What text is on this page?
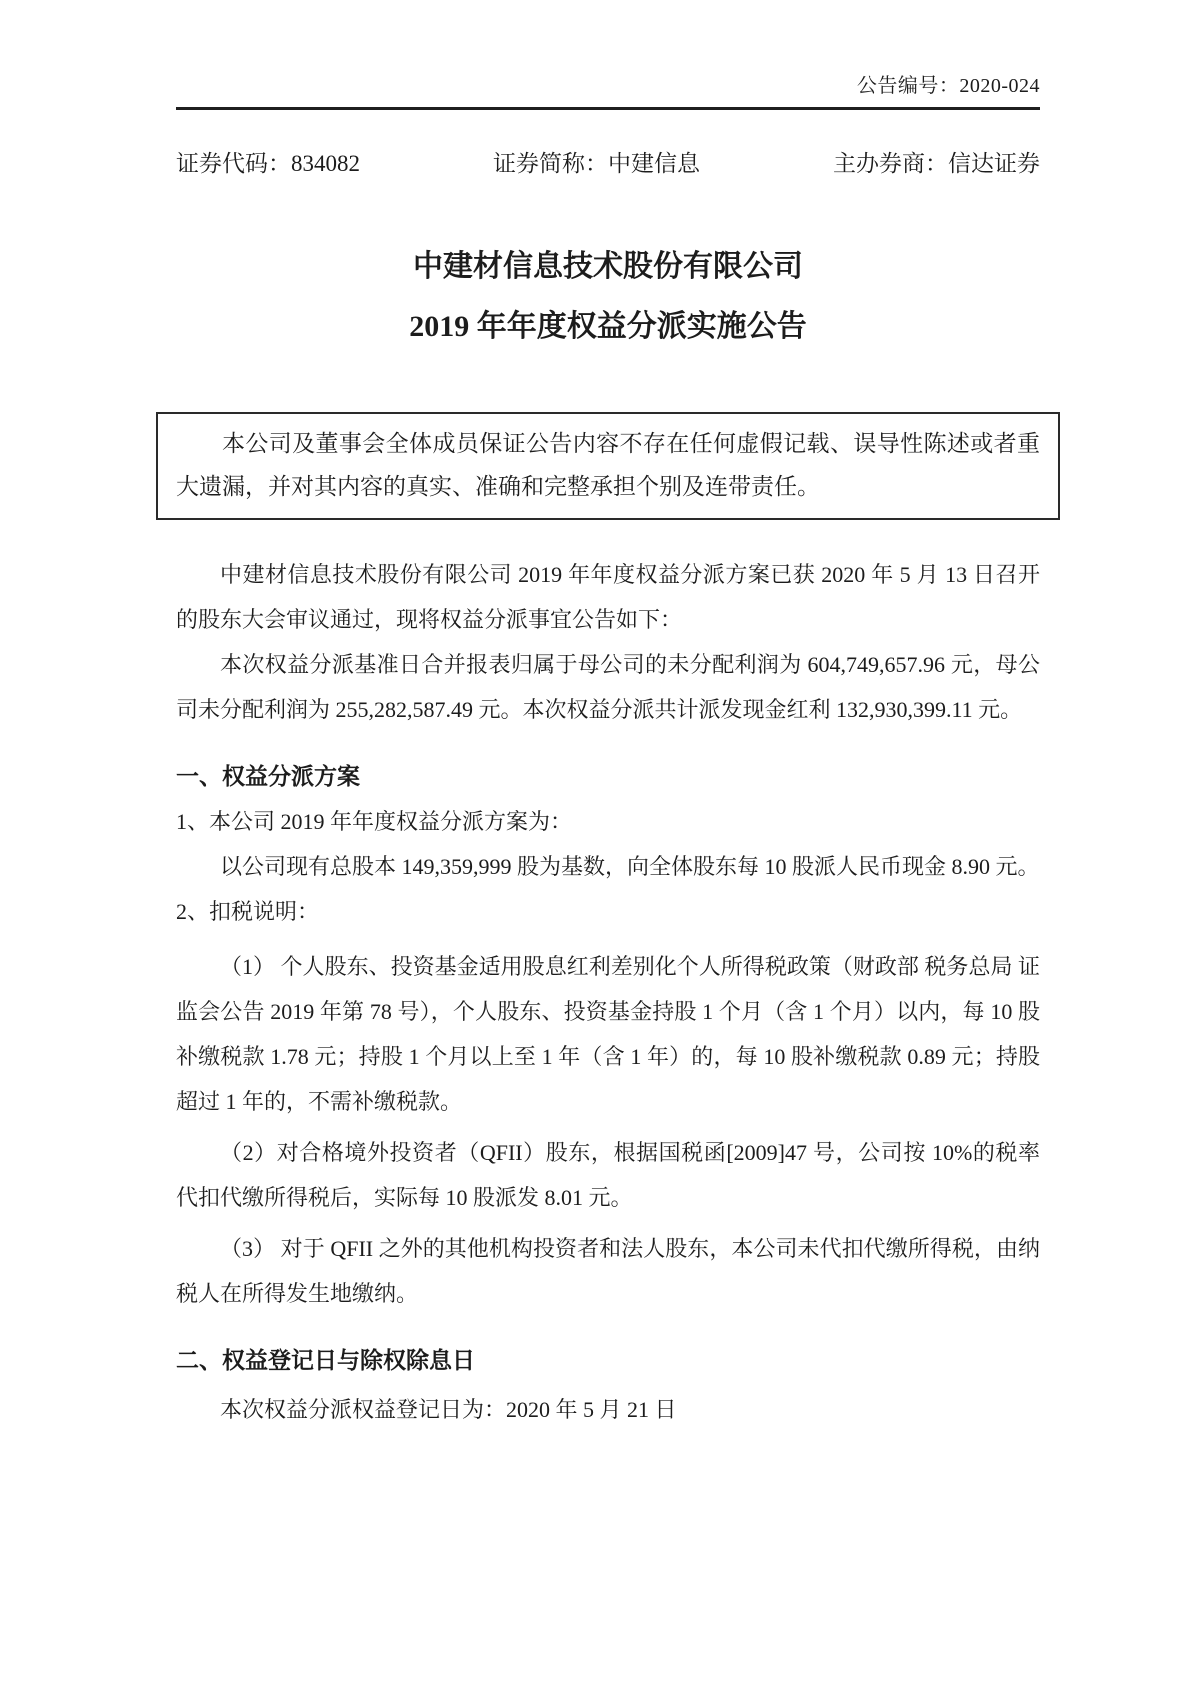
公告编号：2020-024
证券代码：834082	证券简称：中建信息	主办券商：信达证券
中建材信息技术股份有限公司
2019 年年度权益分派实施公告
本公司及董事会全体成员保证公告内容不存在任何虚假记载、误导性陈述或者重大遗漏，并对其内容的真实、准确和完整承担个别及连带责任。

中建材信息技术股份有限公司 2019 年年度权益分派方案已获 2020 年 5 月 13 日召开的股东大会审议通过，现将权益分派事宜公告如下：

本次权益分派基准日合并报表归属于母公司的未分配利润为 604,749,657.96 元，母公司未分配利润为 255,282,587.49 元。本次权益分派共计派发现金红利 132,930,399.11 元。

一、权益分派方案

1、本公司 2019 年年度权益分派方案为：

以公司现有总股本 149,359,999 股为基数，向全体股东每 10 股派人民币现金 8.90 元。

2、扣税说明：

（1） 个人股东、投资基金适用股息红利差别化个人所得税政策（财政部 税务总局 证监会公告 2019 年第 78 号），个人股东、投资基金持股 1 个月（含 1 个月）以内，每 10 股补缴税款 1.78 元；持股 1 个月以上至 1 年（含 1 年）的，每 10 股补缴税款 0.89 元；持股超过 1 年的，不需补缴税款。

（2）对合格境外投资者（QFII）股东，根据国税函[2009]47 号，公司按 10%的税率代扣代缴所得税后，实际每 10 股派发 8.01 元。

（3） 对于 QFII 之外的其他机构投资者和法人股东，本公司未代扣代缴所得税，由纳税人在所得发生地缴纳。

二、权益登记日与除权除息日

本次权益分派权益登记日为：2020 年 5 月 21 日
